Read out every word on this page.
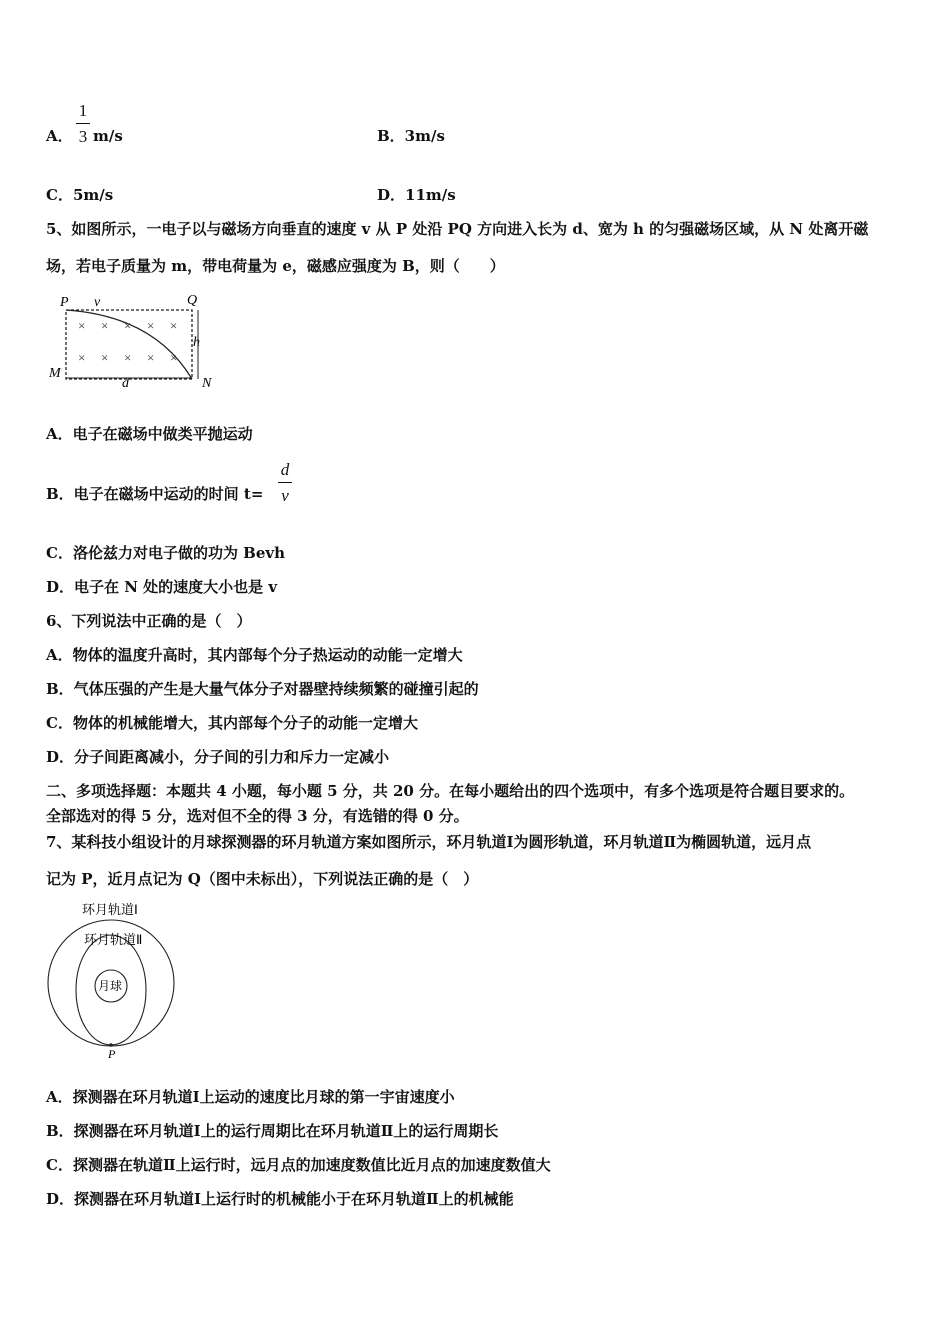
A．
1
3 m/s	B．3m/s
C．5m/s	D．11m/s
5、如图所示，一电子以与磁场方向垂直的速度 v 从 P 处沿 PQ 方向进入长为 d、宽为 h 的匀强磁场区域，从 N 处离开磁
场，若电子质量为 m，带电荷量为 e，磁感应强度为 B，则（　　）
P v	Q
h
M
d	N
× × × × ×
× × × × ×
A．电子在磁场中做类平抛运动
B．电子在磁场中运动的时间 t=
d
v
C．洛伦兹力对电子做的功为 Bevh
D．电子在 N 处的速度大小也是 v
6、下列说法中正确的是（　）
A．物体的温度升高时，其内部每个分子热运动的动能一定增大
B．气体压强的产生是大量气体分子对器壁持续频繁的碰撞引起的
C．物体的机械能增大，其内部每个分子的动能一定增大
D．分子间距离减小，分子间的引力和斥力一定减小
二、多项选择题：本题共 4 小题，每小题 5 分，共 20 分。在每小题给出的四个选项中，有多个选项是符合题目要求的。
全部选对的得 5 分，选对但不全的得 3 分，有选错的得 0 分。
7、某科技小组设计的月球探测器的环月轨道方案如图所示，环月轨道Ⅰ为圆形轨道，环月轨道Ⅱ为椭圆轨道，远月点
记为 P，近月点记为 Q（图中未标出），下列说法正确的是（　）
环月轨道Ⅰ
环月轨道Ⅱ
月球
P
A．探测器在环月轨道Ⅰ上运动的速度比月球的第一宇宙速度小
B．探测器在环月轨道Ⅰ上的运行周期比在环月轨道Ⅱ上的运行周期长
C．探测器在轨道Ⅱ上运行时，远月点的加速度数值比近月点的加速度数值大
D．探测器在环月轨道Ⅰ上运行时的机械能小于在环月轨道Ⅱ上的机械能
